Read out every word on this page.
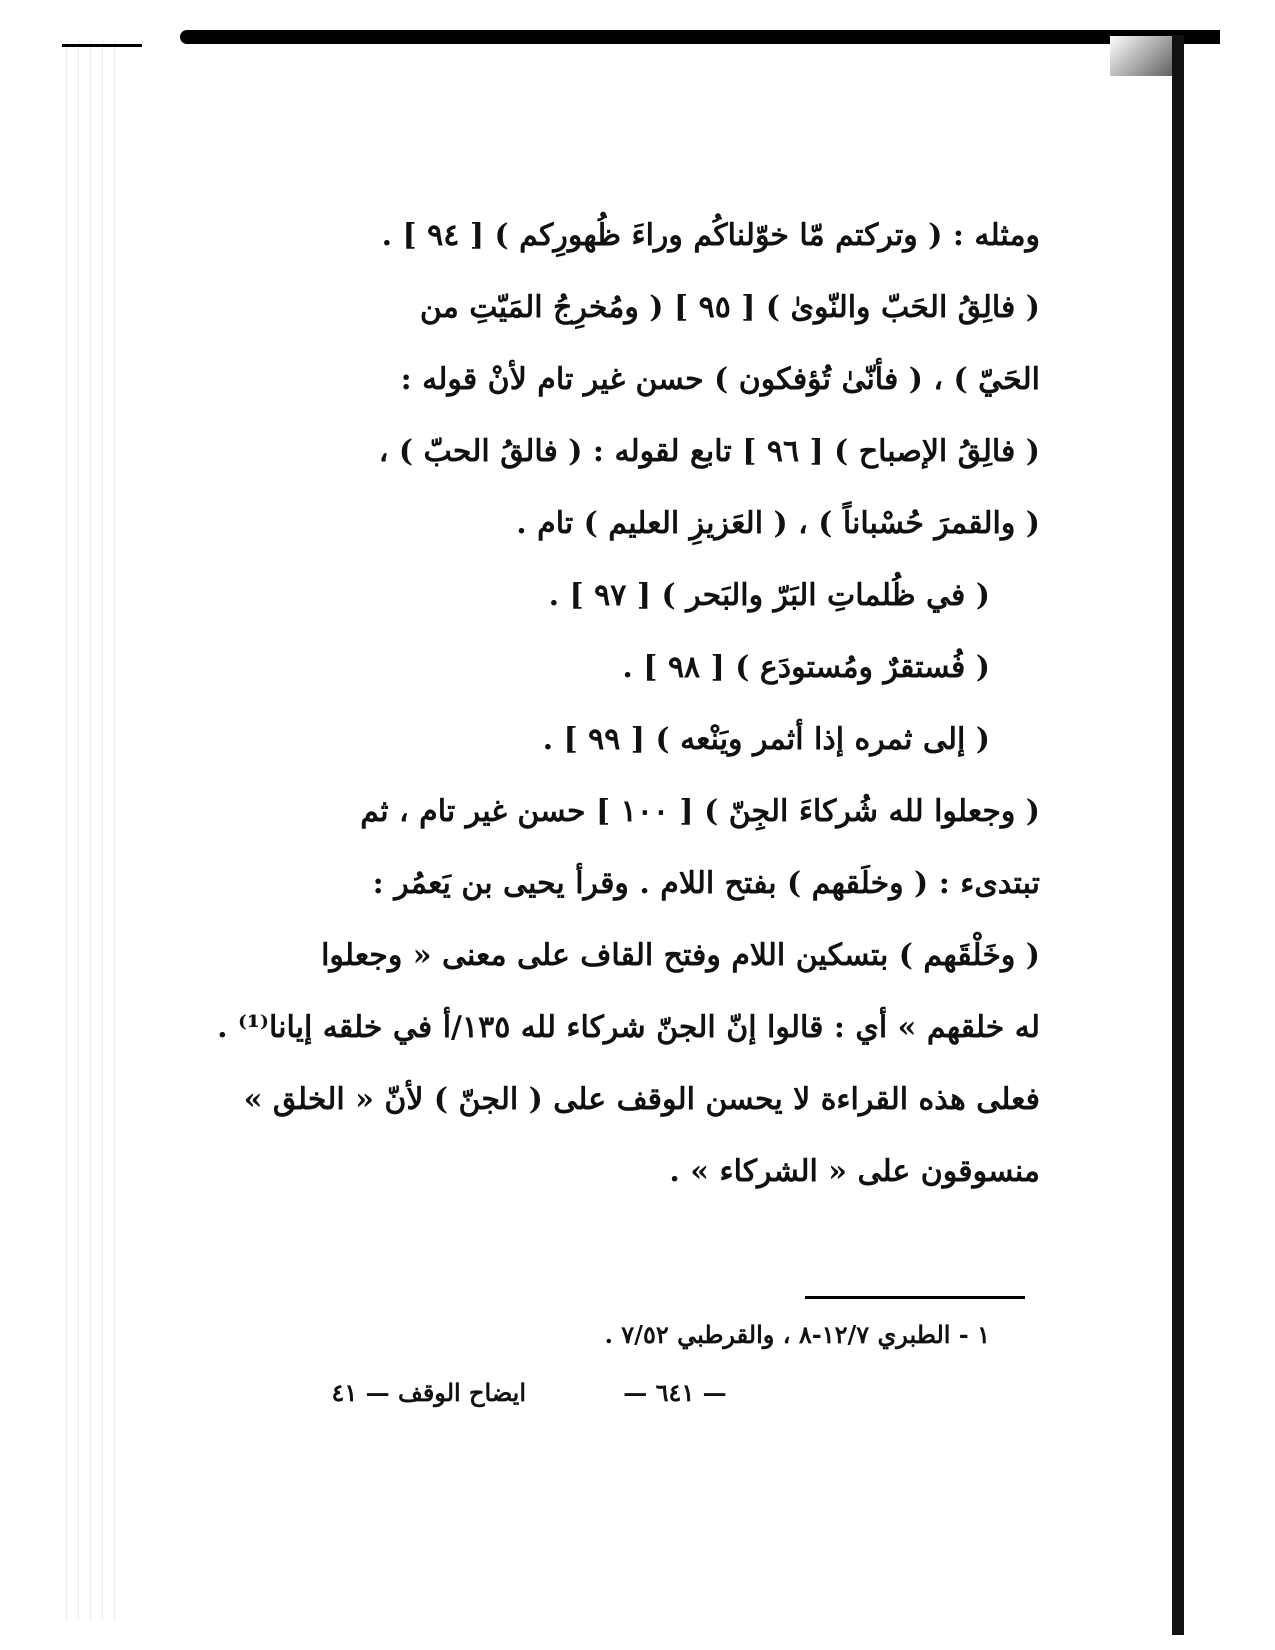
ومثله : ( وتركتم مّا خوّلناكُم وراءَ ظُهورِكم ) [ ٩٤ ] .
( فالِقُ الحَبّ والنّوىٰ ) [ ٩٥ ] ( ومُخرِجُ المَيّتِ من
الحَيّ ) ، ( فأنّىٰ تُؤفكون ) حسن غير تام لأنْ قوله :
( فالِقُ الإصباح ) [ ٩٦ ] تابع لقوله : ( فالقُ الحبّ ) ،
( والقمرَ حُسْباناً ) ، ( العَزيزِ العليم ) تام .
( في ظُلماتِ البَرّ والبَحر ) [ ٩٧ ] .
( فُستقرٌ ومُستودَع ) [ ٩٨ ] .
( إلى ثمره إذا أثمر ويَنْعه ) [ ٩٩ ] .
( وجعلوا لله شُركاءَ الجِنّ ) [ ١٠٠ ] حسن غير تام ، ثم
تبتدىء : ( وخلَقهم ) بفتح اللام . وقرأ يحيى بن يَعمُر :
( وخَلْقَهم ) بتسكين اللام وفتح القاف على معنى « وجعلوا
له خلقهم » أي : قالوا إنّ الجنّ شركاء لله ١٣٥/أ في خلقه إيانا⁽¹⁾ .
فعلى هذه القراءة لا يحسن الوقف على ( الجنّ ) لأنّ « الخلق »
منسوقون على « الشركاء » .
١ - الطبري ١٢/٧-٨ ، والقرطبي ٧/٥٢ .
— ٦٤١ —
ايضاح الوقف — ٤١
